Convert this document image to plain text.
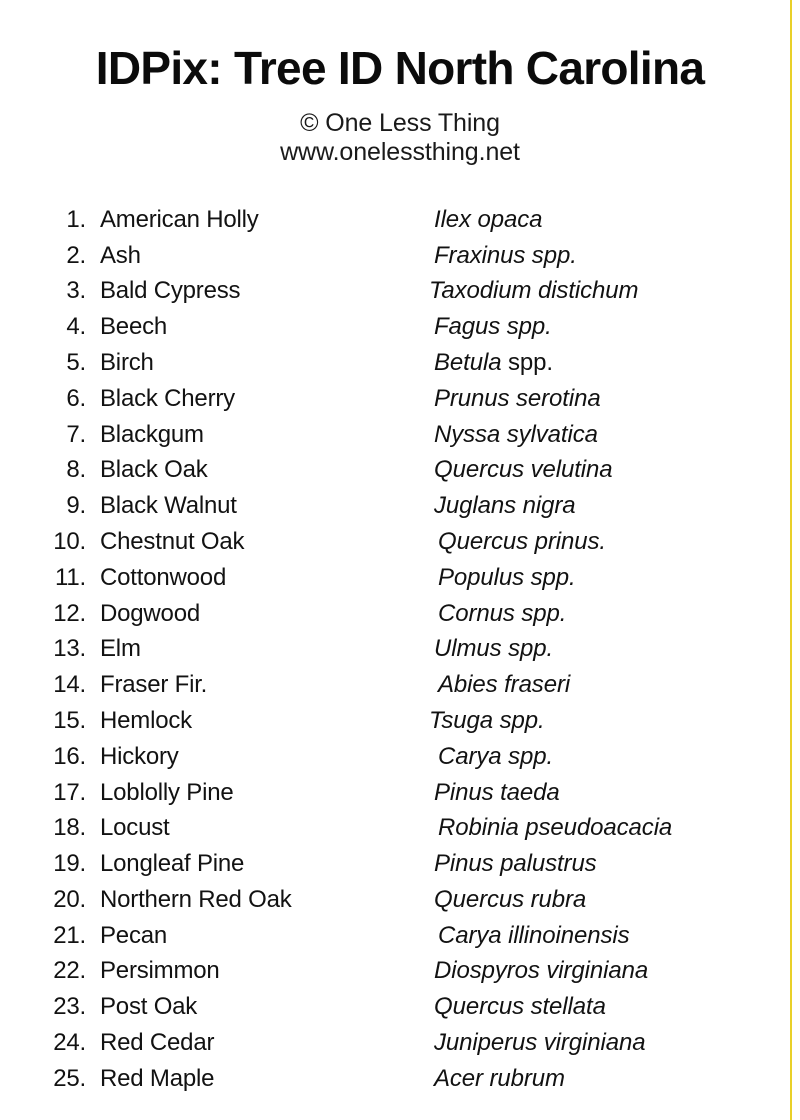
IDPix: Tree ID North Carolina

© One Less Thing

www.onelessthing.net

1. American Holly	Ilex opaca
2. Ash	Fraxinus spp.
3. Bald Cypress	Taxodium distichum
4. Beech	Fagus spp.
5. Birch	Betula spp.
6. Black Cherry	Prunus serotina
7. Blackgum	Nyssa sylvatica
8. Black Oak	Quercus velutina
9. Black Walnut	Juglans nigra
10. Chestnut Oak	Quercus prinus.
11. Cottonwood	Populus spp.
12. Dogwood	Cornus spp.
13. Elm	Ulmus spp.
14. Fraser Fir.	Abies fraseri
15. Hemlock	Tsuga spp.
16. Hickory	Carya spp.
17. Loblolly Pine	Pinus taeda
18. Locust	Robinia pseudoacacia
19. Longleaf Pine	Pinus palustrus
20. Northern Red Oak	Quercus rubra
21. Pecan	Carya illinoinensis
22. Persimmon	Diospyros virginiana
23. Post Oak	Quercus stellata
24. Red Cedar	Juniperus virginiana
25. Red Maple	Acer rubrum
